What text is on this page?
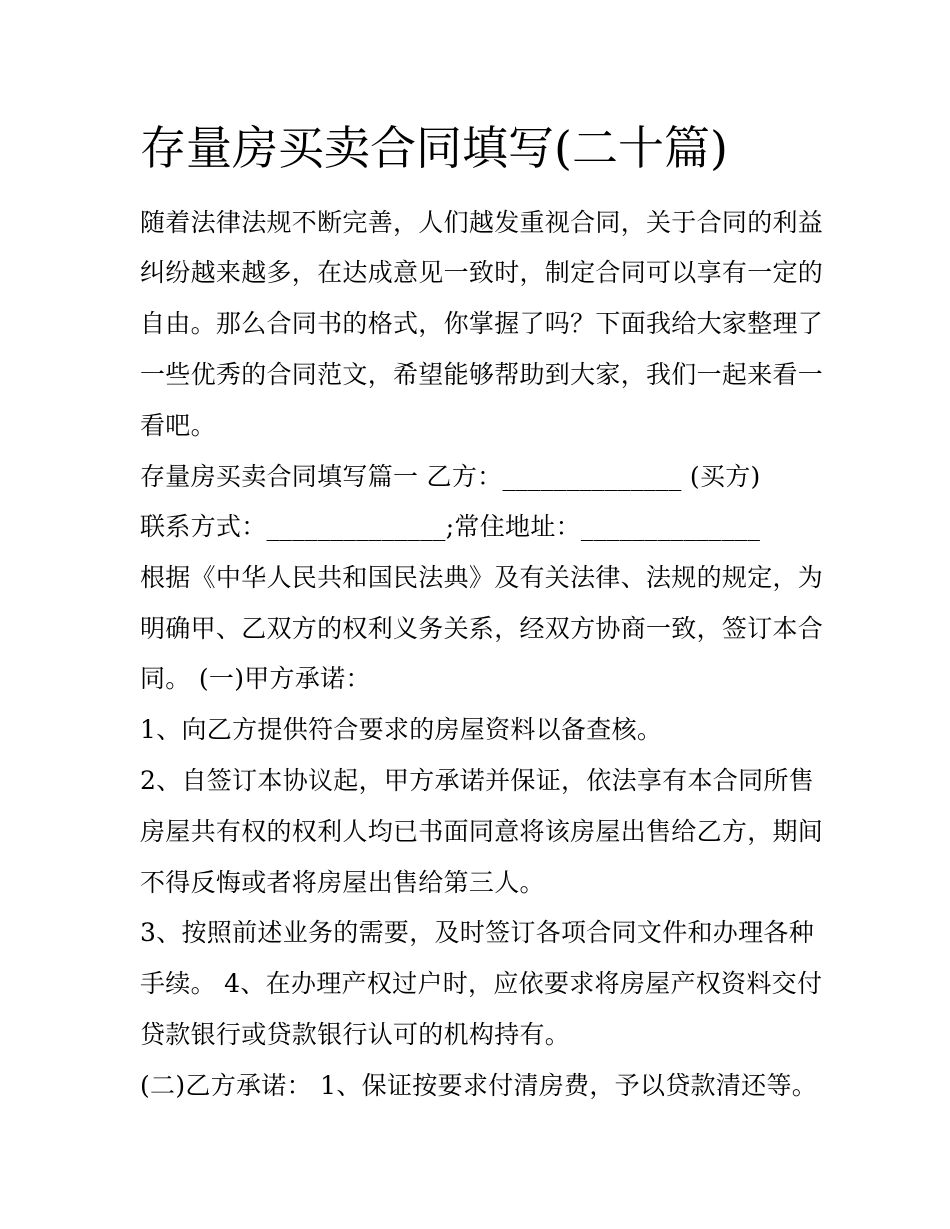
存量房买卖合同填写(二十篇)

随着法律法规不断完善，人们越发重视合同，关于合同的利益

纠纷越来越多，在达成意见一致时，制定合同可以享有一定的

自由。那么合同书的格式，你掌握了吗？下面我给大家整理了

一些优秀的合同范文，希望能够帮助到大家，我们一起来看一

看吧。

存量房买卖合同填写篇一 乙方：______________ (买方)

联系方式：______________;常住地址：______________

根据《中华人民共和国民法典》及有关法律、法规的规定，为

明确甲、乙双方的权利义务关系，经双方协商一致，签订本合

同。 (一)甲方承诺：

1、向乙方提供符合要求的房屋资料以备查核。

2、自签订本协议起，甲方承诺并保证，依法享有本合同所售

房屋共有权的权利人均已书面同意将该房屋出售给乙方，期间

不得反悔或者将房屋出售给第三人。

3、按照前述业务的需要，及时签订各项合同文件和办理各种

手续。 4、在办理产权过户时，应依要求将房屋产权资料交付

贷款银行或贷款银行认可的机构持有。

(二)乙方承诺： 1、保证按要求付清房费，予以贷款清还等。
